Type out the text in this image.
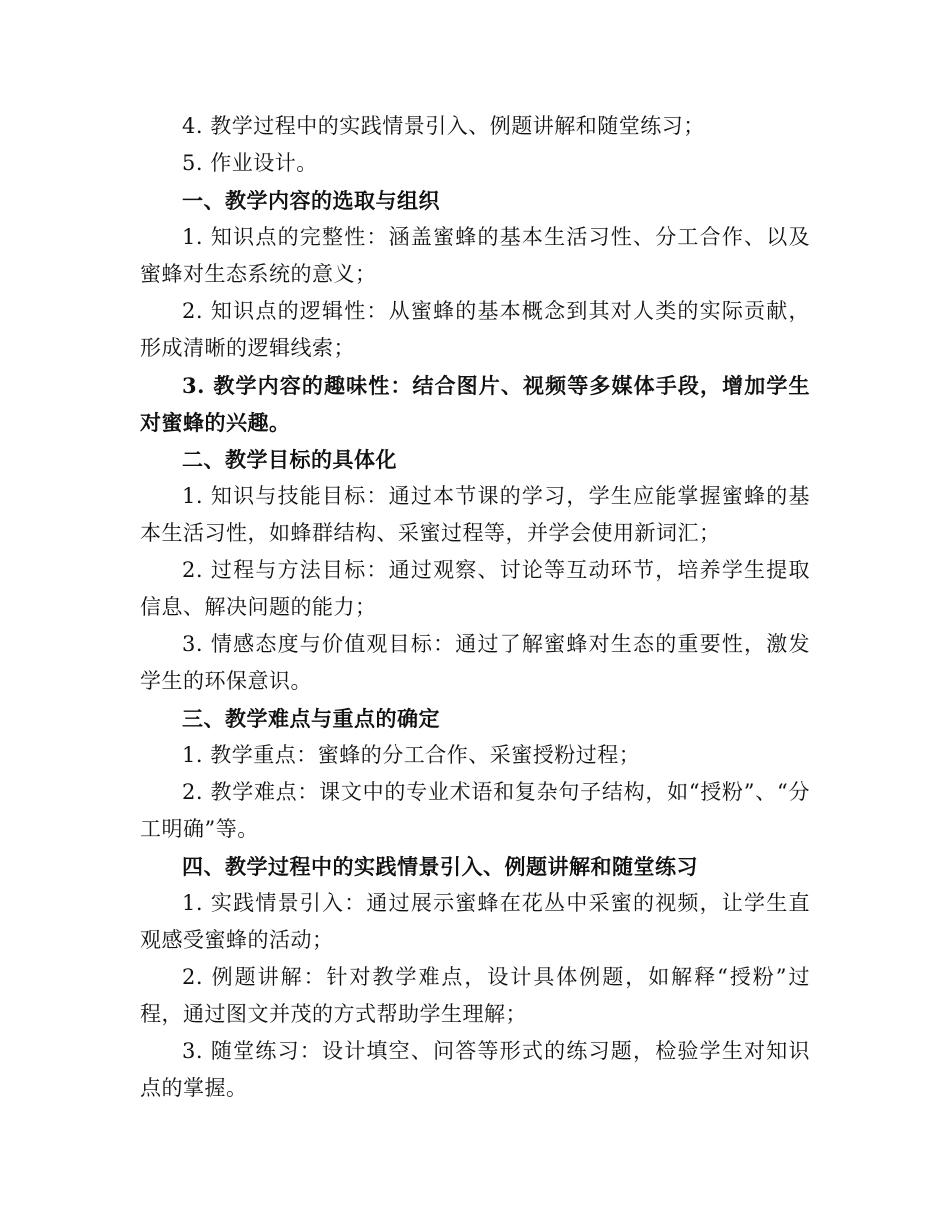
4. 教学过程中的实践情景引入、例题讲解和随堂练习；

5. 作业设计。

一、教学内容的选取与组织

1. 知识点的完整性：涵盖蜜蜂的基本生活习性、分工合作、以及蜜蜂对生态系统的意义；

2. 知识点的逻辑性：从蜜蜂的基本概念到其对人类的实际贡献，形成清晰的逻辑线索；

3. 教学内容的趣味性：结合图片、视频等多媒体手段，增加学生对蜜蜂的兴趣。

二、教学目标的具体化

1. 知识与技能目标：通过本节课的学习，学生应能掌握蜜蜂的基本生活习性，如蜂群结构、采蜜过程等，并学会使用新词汇；

2. 过程与方法目标：通过观察、讨论等互动环节，培养学生提取信息、解决问题的能力；

3. 情感态度与价值观目标：通过了解蜜蜂对生态的重要性，激发学生的环保意识。

三、教学难点与重点的确定

1. 教学重点：蜜蜂的分工合作、采蜜授粉过程；

2. 教学难点：课文中的专业术语和复杂句子结构，如“授粉”、“分工明确”等。

四、教学过程中的实践情景引入、例题讲解和随堂练习

1. 实践情景引入：通过展示蜜蜂在花丛中采蜜的视频，让学生直观感受蜜蜂的活动；

2. 例题讲解：针对教学难点，设计具体例题，如解释“授粉”过程，通过图文并茂的方式帮助学生理解；

3. 随堂练习：设计填空、问答等形式的练习题，检验学生对知识点的掌握。
